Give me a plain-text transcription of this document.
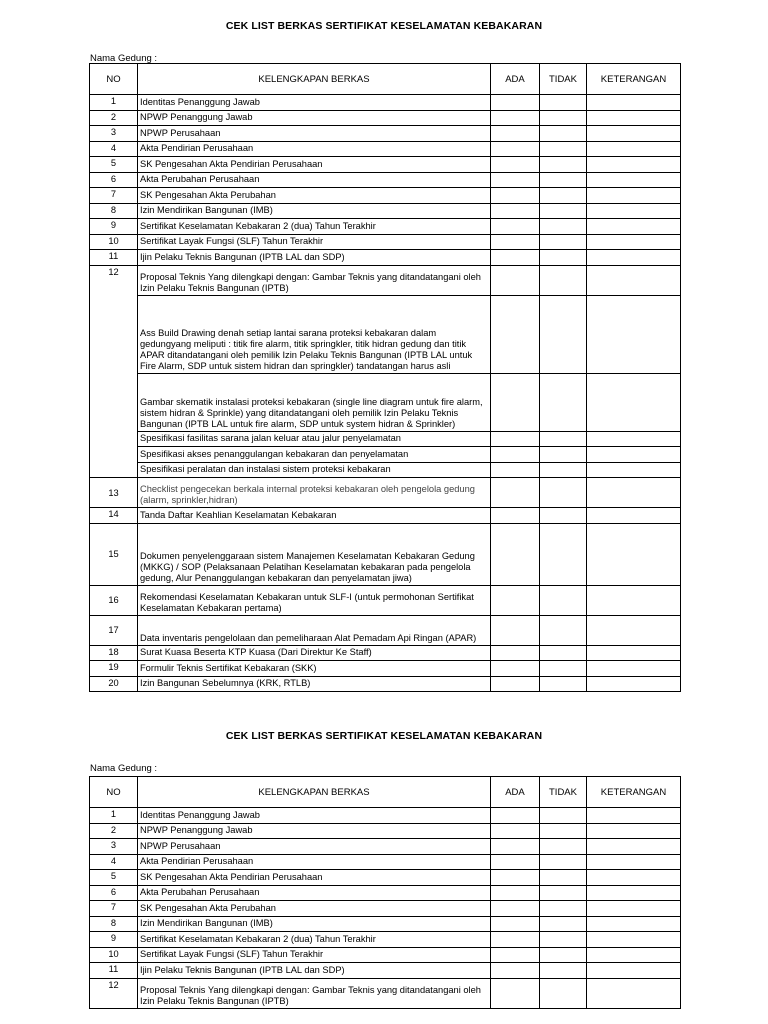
CEK LIST BERKAS SERTIFIKAT KESELAMATAN KEBAKARAN
Nama Gedung :
NO	KELENGKAPAN BERKAS	ADA	TIDAK	KETERANGAN
1	Identitas Penanggung Jawab			
2	NPWP Penanggung Jawab			
3	NPWP Perusahaan			
4	Akta Pendirian Perusahaan			
5	SK Pengesahan Akta Pendirian Perusahaan			
6	Akta Perubahan Perusahaan			
7	SK Pengesahan Akta Perubahan			
8	Izin Mendirikan Bangunan (IMB)			
9	Sertifikat Keselamatan Kebakaran 2 (dua) Tahun Terakhir			
10	Sertifikat Layak Fungsi (SLF) Tahun Terakhir			
11	Ijin Pelaku Teknis Bangunan (IPTB LAL dan SDP)			
12	Proposal Teknis Yang dilengkapi dengan: Gambar Teknis yang ditandatangani oleh Izin Pelaku Teknis Bangunan (IPTB)			
	Ass Build Drawing denah setiap lantai sarana proteksi kebakaran dalam gedungyang meliputi : titik fire alarm, titik springkler, titik hidran gedung dan titik APAR ditandatangani oleh pemilik Izin Pelaku Teknis Bangunan (IPTB LAL untuk Fire Alarm, SDP untuk sistem hidran dan springkler) tandatangan harus asli			
	Gambar skematik instalasi proteksi kebakaran (single line diagram untuk fire alarm, sistem hidran & Sprinkle) yang ditandatangani oleh pemilik Izin Pelaku Teknis Bangunan (IPTB LAL untuk fire alarm, SDP untuk system hidran & Sprinkler)			
	Spesifikasi fasilitas sarana jalan keluar atau jalur penyelamatan			
	Spesifikasi akses penanggulangan kebakaran dan penyelamatan			
	Spesifikasi peralatan dan instalasi sistem proteksi kebakaran			
13	Checklist pengecekan berkala internal proteksi kebakaran oleh pengelola gedung (alarm, sprinkler,hidran)			
14	Tanda Daftar Keahlian Keselamatan Kebakaran			
15	Dokumen penyelenggaraan sistem Manajemen Keselamatan Kebakaran Gedung (MKKG) / SOP (Pelaksanaan Pelatihan Keselamatan kebakaran pada pengelola gedung, Alur Penanggulangan kebakaran dan penyelamatan jiwa)			
16	Rekomendasi Keselamatan Kebakaran untuk SLF-I (untuk permohonan Sertifikat Keselamatan Kebakaran pertama)			
17	Data inventaris pengelolaan dan pemeliharaan Alat Pemadam Api Ringan (APAR)			
18	Surat Kuasa Beserta KTP Kuasa (Dari Direktur Ke Staff)			
19	Formulir Teknis Sertifikat Kebakaran (SKK)			
20	Izin Bangunan Sebelumnya (KRK, RTLB)			
CEK LIST BERKAS SERTIFIKAT KESELAMATAN KEBAKARAN
Nama Gedung :
NO	KELENGKAPAN BERKAS	ADA	TIDAK	KETERANGAN
1	Identitas Penanggung Jawab			
2	NPWP Penanggung Jawab			
3	NPWP Perusahaan			
4	Akta Pendirian Perusahaan			
5	SK Pengesahan Akta Pendirian Perusahaan			
6	Akta Perubahan Perusahaan			
7	SK Pengesahan Akta Perubahan			
8	Izin Mendirikan Bangunan (IMB)			
9	Sertifikat Keselamatan Kebakaran 2 (dua) Tahun Terakhir			
10	Sertifikat Layak Fungsi (SLF) Tahun Terakhir			
11	Ijin Pelaku Teknis Bangunan (IPTB LAL dan SDP)			
12	Proposal Teknis Yang dilengkapi dengan: Gambar Teknis yang ditandatangani oleh Izin Pelaku Teknis Bangunan (IPTB)			
